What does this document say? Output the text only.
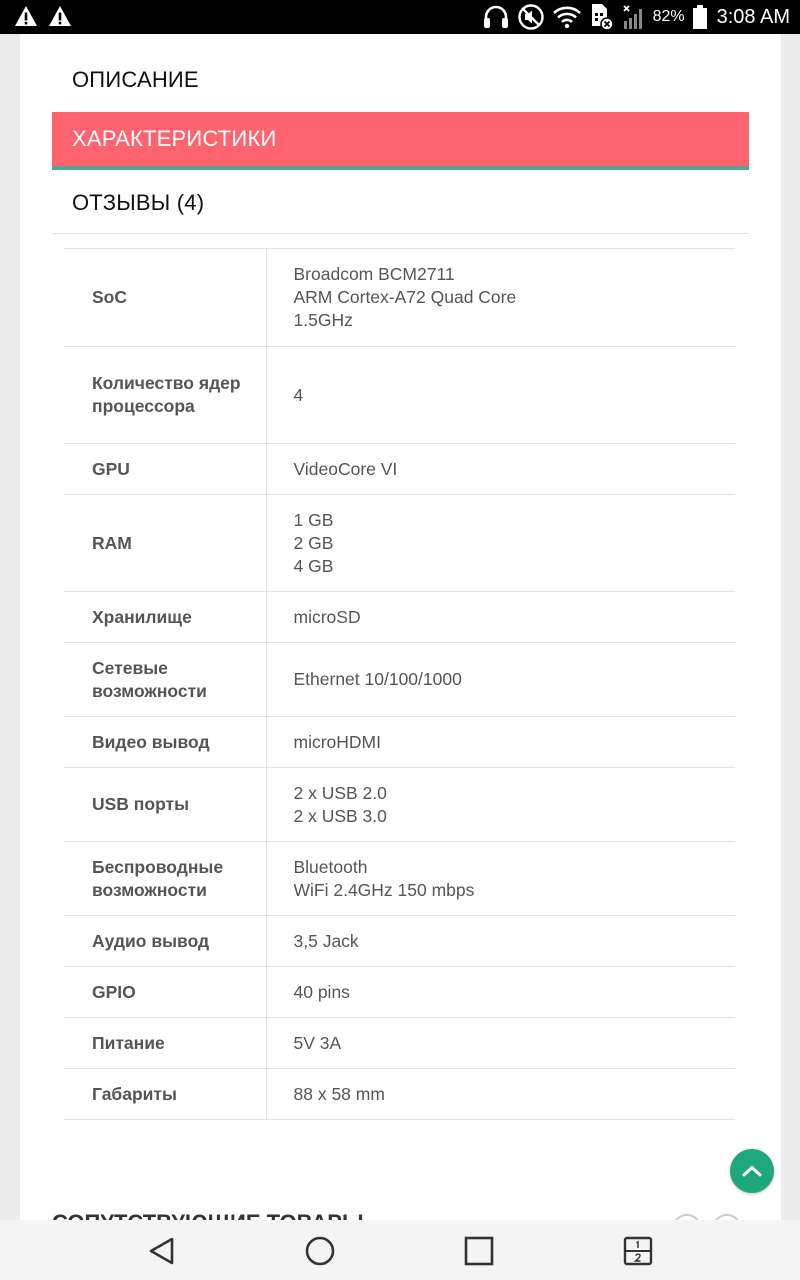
82% 3:08 AM
ОПИСАНИЕ
ХАРАКТЕРИСТИКИ
ОТЗЫВЫ (4)
SoC	Broadcom BCM2711
ARM Cortex-A72 Quad Core
1.5GHz

Количество ядер процессора	4

GPU	VideoCore VI

RAM	1 GB
2 GB
4 GB

Хранилище	microSD

Сетевые возможности	Ethernet 10/100/1000

Видео вывод	microHDMI

USB порты	2 x USB 2.0
2 x USB 3.0

Беспроводные возможности	Bluetooth
WiFi 2.4GHz 150 mbps

Аудио вывод	3,5 Jack

GPIO	40 pins

Питание	5V 3A

Габариты	88 x 58 mm
